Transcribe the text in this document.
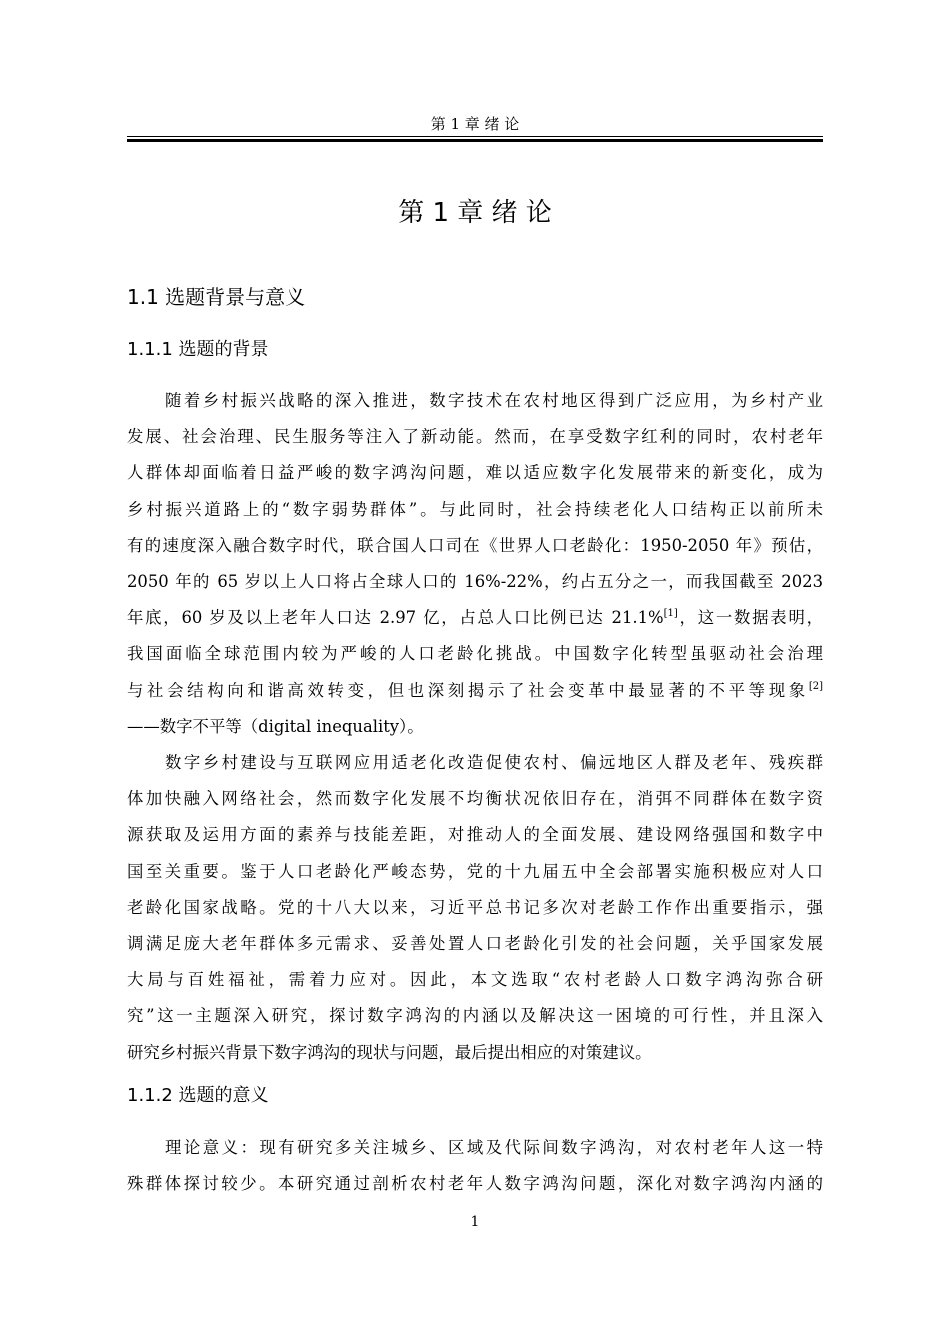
第 1 章 绪 论
第 1 章 绪 论
1.1 选题背景与意义
1.1.1 选题的背景
随着乡村振兴战略的深入推进，数字技术在农村地区得到广泛应用，为乡村产业
发展、社会治理、民生服务等注入了新动能。然而，在享受数字红利的同时，农村老年
人群体却面临着日益严峻的数字鸿沟问题，难以适应数字化发展带来的新变化，成为
乡村振兴道路上的“数字弱势群体”。与此同时，社会持续老化人口结构正以前所未
有的速度深入融合数字时代，联合国人口司在《世界人口老龄化：1950-2050 年》预估，
2050 年的 65 岁以上人口将占全球人口的 16%-22%，约占五分之一，而我国截至 2023
年底，60 岁及以上老年人口达 2.97 亿，占总人口比例已达 21.1%[1]，这一数据表明，
我国面临全球范围内较为严峻的人口老龄化挑战。中国数字化转型虽驱动社会治理
与社会结构向和谐高效转变，但也深刻揭示了社会变革中最显著的不平等现象[2]
——数字不平等（digital inequality）。
数字乡村建设与互联网应用适老化改造促使农村、偏远地区人群及老年、残疾群
体加快融入网络社会，然而数字化发展不均衡状况依旧存在，消弭不同群体在数字资
源获取及运用方面的素养与技能差距，对推动人的全面发展、建设网络强国和数字中
国至关重要。鉴于人口老龄化严峻态势，党的十九届五中全会部署实施积极应对人口
老龄化国家战略。党的十八大以来，习近平总书记多次对老龄工作作出重要指示，强
调满足庞大老年群体多元需求、妥善处置人口老龄化引发的社会问题，关乎国家发展
大局与百姓福祉，需着力应对。因此，本文选取“农村老龄人口数字鸿沟弥合研
究”这一主题深入研究，探讨数字鸿沟的内涵以及解决这一困境的可行性，并且深入
研究乡村振兴背景下数字鸿沟的现状与问题，最后提出相应的对策建议。
1.1.2 选题的意义
理论意义：现有研究多关注城乡、区域及代际间数字鸿沟，对农村老年人这一特
殊群体探讨较少。本研究通过剖析农村老年人数字鸿沟问题，深化对数字鸿沟内涵的
1
